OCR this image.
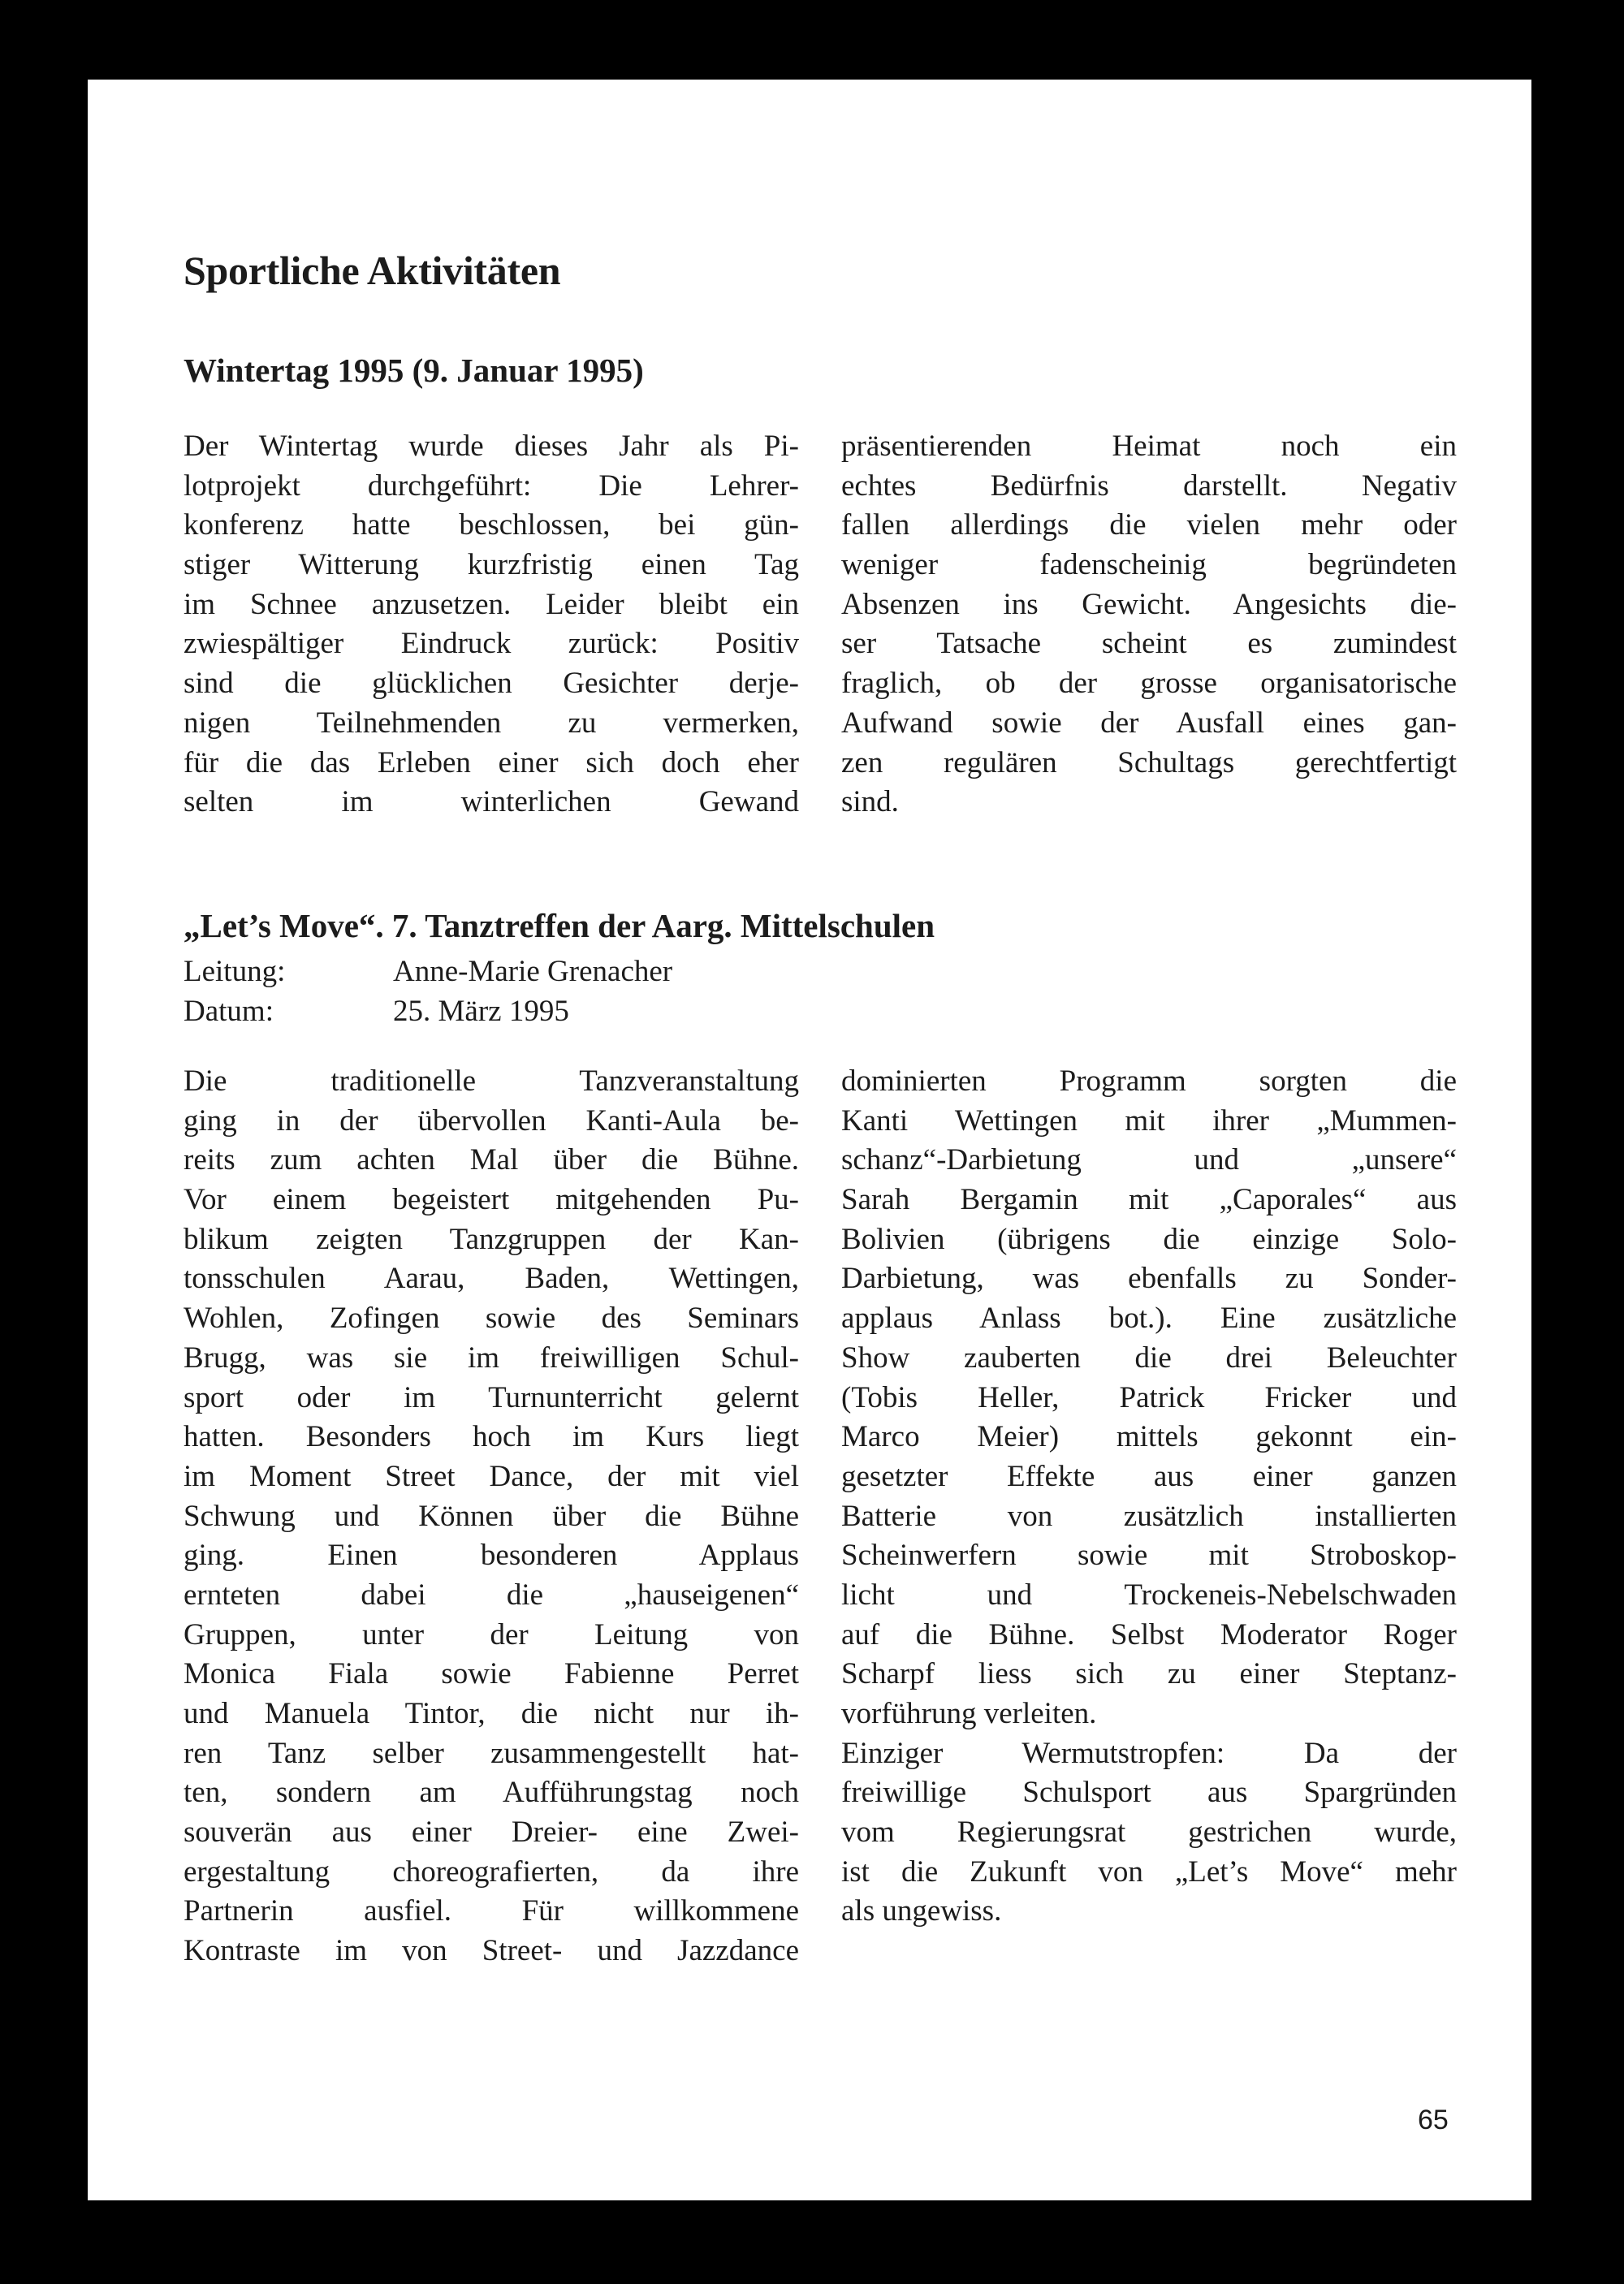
Sportliche Aktivitäten
Wintertag 1995 (9. Januar 1995)
Der Wintertag wurde dieses Jahr als Pi-
lotprojekt durchgeführt: Die Lehrer-
konferenz hatte beschlossen, bei gün-
stiger Witterung kurzfristig einen Tag
im Schnee anzusetzen. Leider bleibt ein
zwiespältiger Eindruck zurück: Positiv
sind die glücklichen Gesichter derje-
nigen Teilnehmenden zu vermerken,
für die das Erleben einer sich doch eher
selten im winterlichen Gewand
präsentierenden Heimat noch ein
echtes Bedürfnis darstellt. Negativ
fallen allerdings die vielen mehr oder
weniger fadenscheinig begründeten
Absenzen ins Gewicht. Angesichts die-
ser Tatsache scheint es zumindest
fraglich, ob der grosse organisatorische
Aufwand sowie der Ausfall eines gan-
zen regulären Schultags gerechtfertigt
sind.
„Let’s Move“. 7. Tanztreffen der Aarg. Mittelschulen
Leitung:	Anne-Marie Grenacher
Datum:	25. März 1995
Die traditionelle Tanzveranstaltung
ging in der übervollen Kanti-Aula be-
reits zum achten Mal über die Bühne.
Vor einem begeistert mitgehenden Pu-
blikum zeigten Tanzgruppen der Kan-
tonsschulen Aarau, Baden, Wettingen,
Wohlen, Zofingen sowie des Seminars
Brugg, was sie im freiwilligen Schul-
sport oder im Turnunterricht gelernt
hatten. Besonders hoch im Kurs liegt
im Moment Street Dance, der mit viel
Schwung und Können über die Bühne
ging. Einen besonderen Applaus
ernteten dabei die „hauseigenen“
Gruppen, unter der Leitung von
Monica Fiala sowie Fabienne Perret
und Manuela Tintor, die nicht nur ih-
ren Tanz selber zusammengestellt hat-
ten, sondern am Aufführungstag noch
souverän aus einer Dreier- eine Zwei-
ergestaltung choreografierten, da ihre
Partnerin ausfiel. Für willkommene
Kontraste im von Street- und Jazzdance
dominierten Programm sorgten die
Kanti Wettingen mit ihrer „Mummen-
schanz“-Darbietung und „unsere“
Sarah Bergamin mit „Caporales“ aus
Bolivien (übrigens die einzige Solo-
Darbietung, was ebenfalls zu Sonder-
applaus Anlass bot.). Eine zusätzliche
Show zauberten die drei Beleuchter
(Tobis Heller, Patrick Fricker und
Marco Meier) mittels gekonnt ein-
gesetzter Effekte aus einer ganzen
Batterie von zusätzlich installierten
Scheinwerfern sowie mit Stroboskop-
licht und Trockeneis-Nebelschwaden
auf die Bühne. Selbst Moderator Roger
Scharpf liess sich zu einer Steptanz-
vorführung verleiten.
Einziger Wermutstropfen: Da der
freiwillige Schulsport aus Spargründen
vom Regierungsrat gestrichen wurde,
ist die Zukunft von „Let’s Move“ mehr
als ungewiss.
65
